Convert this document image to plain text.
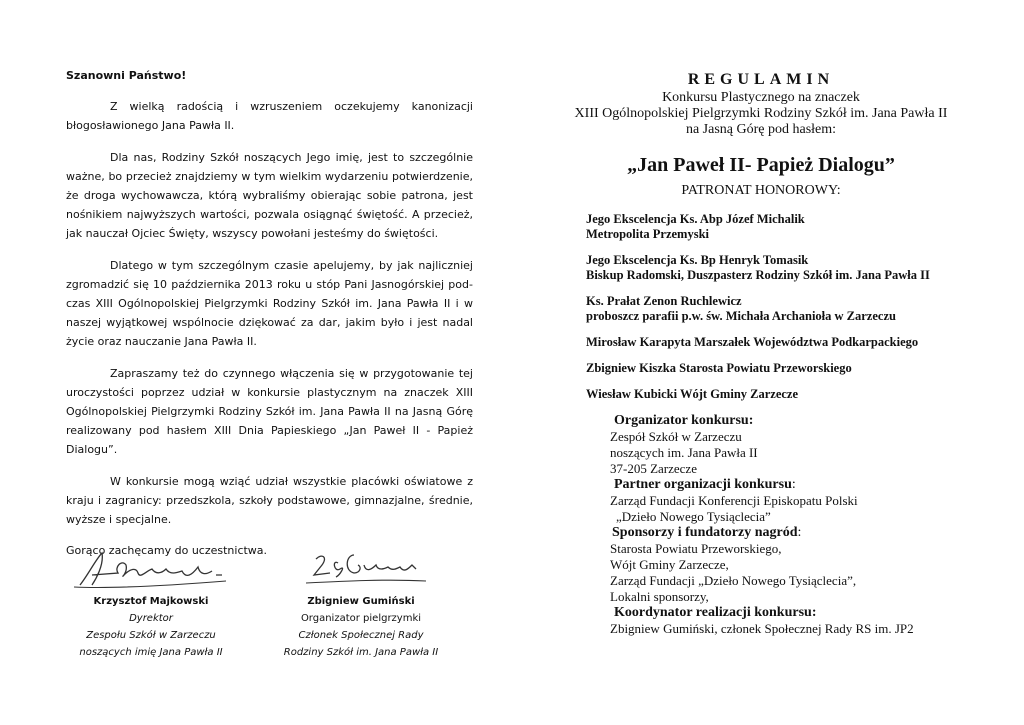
Szanowni Państwo!

Z wielką radością i wzruszeniem oczekujemy kanonizacji błogosławionego Jana Pawła II.

Dla nas, Rodziny Szkół noszących Jego imię, jest to szczególnie ważne, bo przecież znajdziemy w tym wielkim wydarzeniu potwierdzenie, że droga wychowawcza, którą wybraliśmy obierając sobie patrona, jest nośnikiem najwyższych wartości, pozwala osiągnąć świętość. A przecież, jak nauczał Ojciec Święty, wszyscy powołani jesteśmy do świętości.

Dlatego w tym szczególnym czasie apelujemy, by jak najliczniej zgromadzić się 10 października 2013 roku u stóp Pani Jasnogórskiej podczas XIII Ogólnopolskiej Pielgrzymki Rodziny Szkół im. Jana Pawła II i w naszej wyjątkowej wspólnocie dziękować za dar, jakim było i jest nadal życie oraz nauczanie Jana Pawła II.

Zapraszamy też do czynnego włączenia się w przygotowanie tej uroczystości poprzez udział w konkursie plastycznym na znaczek XIII Ogólnopolskiej Pielgrzymki Rodziny Szkół im. Jana Pawła II na Jasną Górę realizowany pod hasłem XIII Dnia Papieskiego „Jan Paweł II - Papież Dialogu”.

W konkursie mogą wziąć udział wszystkie placówki oświatowe z kraju i zagranicy: przedszkola, szkoły podstawowe, gimnazjalne, średnie, wyższe i specjalne.

Gorąco zachęcamy do uczestnictwa.

Krzysztof Majkowski
Dyrektor
Zespołu Szkół w Zarzeczu
noszących imię Jana Pawła II
Zbigniew Gumiński
Organizator pielgrzymki
Członek Społecznej Rady
Rodziny Szkół im. Jana Pawła II
REGULAMIN
Konkursu Plastycznego na znaczek
XIII Ogólnopolskiej Pielgrzymki Rodziny Szkół im. Jana Pawła II
na Jasną Górę pod hasłem:
„Jan Paweł II- Papież Dialogu”
PATRONAT HONOROWY:
Jego Ekscelencja Ks. Abp Józef Michalik
Metropolita Przemyski
Jego Ekscelencja Ks. Bp Henryk Tomasik
Biskup Radomski, Duszpasterz Rodziny Szkół im. Jana Pawła II
Ks. Prałat Zenon Ruchlewicz
proboszcz parafii p.w. św. Michała Archanioła w Zarzeczu
Mirosław Karapyta Marszałek Województwa Podkarpackiego
Zbigniew Kiszka Starosta Powiatu Przeworskiego
Wiesław Kubicki Wójt Gminy Zarzecze
Organizator konkursu:
Zespół Szkół w Zarzeczu
noszących im. Jana Pawła II
37-205 Zarzecze
Partner organizacji konkursu:
Zarząd Fundacji Konferencji Episkopatu Polski
„Dzieło Nowego Tysiąclecia”
Sponsorzy i fundatorzy nagród:
Starosta Powiatu Przeworskiego,
Wójt Gminy Zarzecze,
Zarząd Fundacji „Dzieło Nowego Tysiąclecia”,
Lokalni sponsorzy,
Koordynator realizacji konkursu:
Zbigniew Gumiński, członek Społecznej Rady RS im. JP2
